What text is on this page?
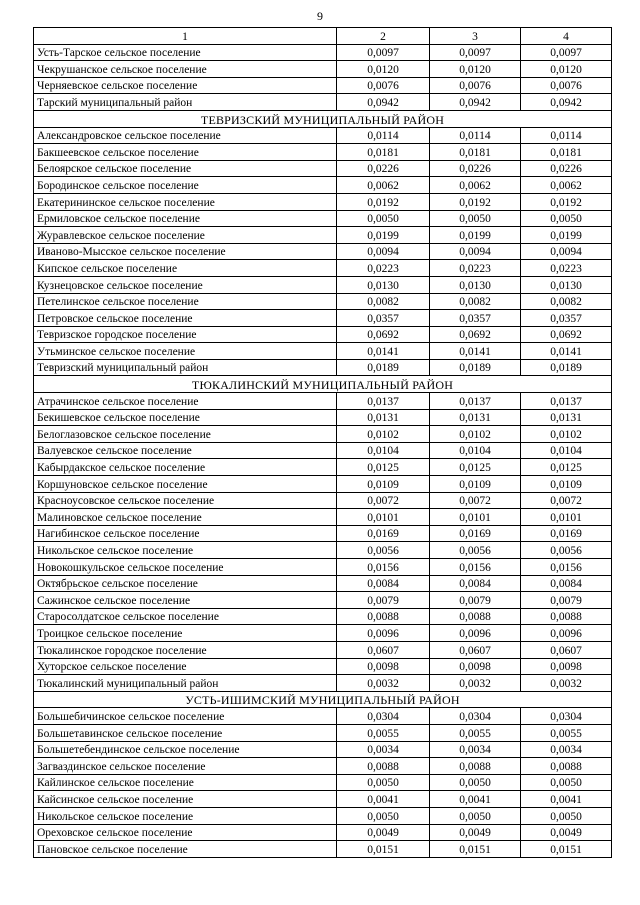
9
1	2	3	4
Усть-Тарское сельское поселение	0,0097	0,0097	0,0097
Чекрушанское сельское поселение	0,0120	0,0120	0,0120
Черняевское сельское поселение	0,0076	0,0076	0,0076
Тарский муниципальный район	0,0942	0,0942	0,0942
ТЕВРИЗСКИЙ МУНИЦИПАЛЬНЫЙ РАЙОН			
Александровское сельское поселение	0,0114	0,0114	0,0114
Бакшеевское сельское поселение	0,0181	0,0181	0,0181
Белоярское сельское поселение	0,0226	0,0226	0,0226
Бородинское сельское поселение	0,0062	0,0062	0,0062
Екатерининское сельское поселение	0,0192	0,0192	0,0192
Ермиловское сельское поселение	0,0050	0,0050	0,0050
Журавлевское сельское поселение	0,0199	0,0199	0,0199
Иваново-Мысское сельское поселение	0,0094	0,0094	0,0094
Кипское сельское поселение	0,0223	0,0223	0,0223
Кузнецовское сельское поселение	0,0130	0,0130	0,0130
Петелинское сельское поселение	0,0082	0,0082	0,0082
Петровское сельское поселение	0,0357	0,0357	0,0357
Тевризское городское поселение	0,0692	0,0692	0,0692
Утьминское сельское поселение	0,0141	0,0141	0,0141
Тевризский муниципальный район	0,0189	0,0189	0,0189
ТЮКАЛИНСКИЙ МУНИЦИПАЛЬНЫЙ РАЙОН			
Атрачинское сельское поселение	0,0137	0,0137	0,0137
Бекишевское сельское поселение	0,0131	0,0131	0,0131
Белоглазовское сельское поселение	0,0102	0,0102	0,0102
Валуевское сельское поселение	0,0104	0,0104	0,0104
Кабырдакское сельское поселение	0,0125	0,0125	0,0125
Коршуновское сельское поселение	0,0109	0,0109	0,0109
Красноусовское сельское поселение	0,0072	0,0072	0,0072
Малиновское сельское поселение	0,0101	0,0101	0,0101
Нагибинское сельское поселение	0,0169	0,0169	0,0169
Никольское сельское поселение	0,0056	0,0056	0,0056
Новокошкульское сельское поселение	0,0156	0,0156	0,0156
Октябрьское сельское поселение	0,0084	0,0084	0,0084
Сажинское сельское поселение	0,0079	0,0079	0,0079
Старосолдатское сельское поселение	0,0088	0,0088	0,0088
Троицкое сельское поселение	0,0096	0,0096	0,0096
Тюкалинское городское поселение	0,0607	0,0607	0,0607
Хуторское сельское поселение	0,0098	0,0098	0,0098
Тюкалинский муниципальный район	0,0032	0,0032	0,0032
УСТЬ-ИШИМСКИЙ МУНИЦИПАЛЬНЫЙ РАЙОН			
Большебичинское сельское поселение	0,0304	0,0304	0,0304
Большетавинское сельское поселение	0,0055	0,0055	0,0055
Большетебендинское сельское поселение	0,0034	0,0034	0,0034
Загваздинское сельское поселение	0,0088	0,0088	0,0088
Кайлинское сельское поселение	0,0050	0,0050	0,0050
Кайсинское сельское поселение	0,0041	0,0041	0,0041
Никольское сельское поселение	0,0050	0,0050	0,0050
Ореховское сельское поселение	0,0049	0,0049	0,0049
Пановское сельское поселение	0,0151	0,0151	0,0151
